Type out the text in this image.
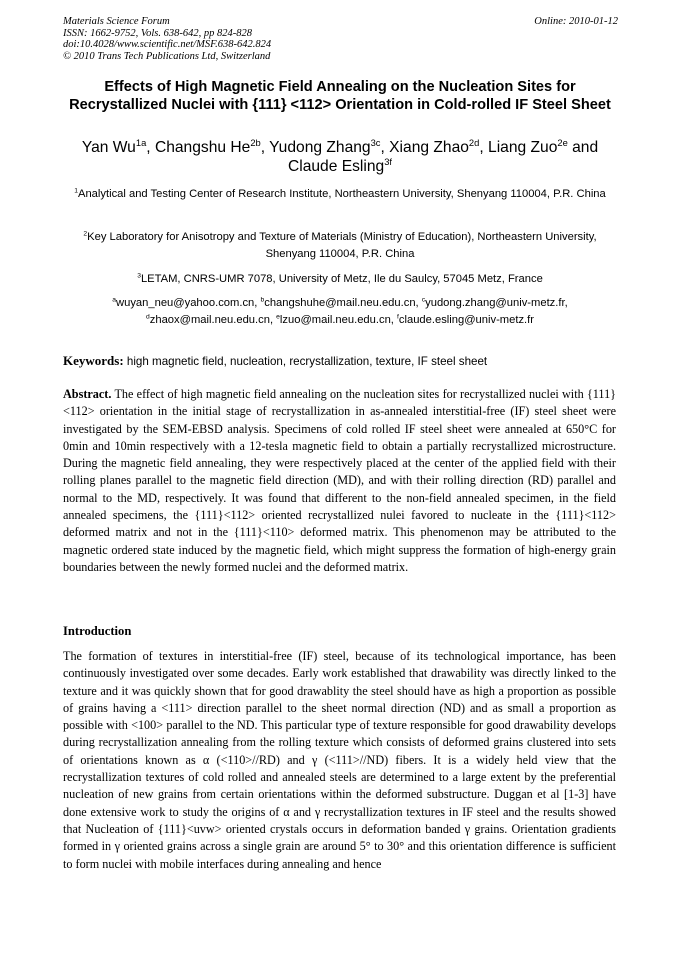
Materials Science Forum
ISSN: 1662-9752, Vols. 638-642, pp 824-828
doi:10.4028/www.scientific.net/MSF.638-642.824
© 2010 Trans Tech Publications Ltd, Switzerland
Online: 2010-01-12
Effects of High Magnetic Field Annealing on the Nucleation Sites for Recrystallized Nuclei with {111} <112> Orientation in Cold-rolled IF Steel Sheet
Yan $Wu^{1a}$, Changshu $He^{2b}$, Yudong Zhang$^{3c}$, Xiang Zhao$^{2d}$, Liang Zuo$^{2e}$ and Claude Esling$^{3f}$
$^1$Analytical and Testing Center of Research Institute, Northeastern University, Shenyang 110004, P.R. China
$^2$Key Laboratory for Anisotropy and Texture of Materials (Ministry of Education), Northeastern University, Shenyang 110004, P.R. China
$^3$LETAM, CNRS-UMR 7078, University of Metz, Ile du Saulcy, 57045 Metz, France
$^a$wuyan_neu@yahoo.com.cn, $^b$changshuhe@mail.neu.edu.cn, $^c$yudong.zhang@univ-metz.fr,
$^d$zhaox@mail.neu.edu.cn, $^e$lzuo@mail.neu.edu.cn, $^f$claude.esling@univ-metz.fr
Keywords: high magnetic field, nucleation, recrystallization, texture, IF steel sheet
Abstract. The effect of high magnetic field annealing on the nucleation sites for recrystallized nuclei with {111}<112> orientation in the initial stage of recrystallization in as-annealed interstitial-free (IF) steel sheet were investigated by the SEM-EBSD analysis. Specimens of cold rolled IF steel sheet were annealed at 650°C for 0min and 10min respectively with a 12-tesla magnetic field to obtain a partially recrystallized microstructure. During the magnetic field annealing, they were respectively placed at the center of the applied field with their rolling planes parallel to the magnetic field direction (MD), and with their rolling direction (RD) parallel and normal to the MD, respectively. It was found that different to the non-field annealed specimen, in the field annealed specimens, the {111}<112> oriented recrystallized nulei favored to nucleate in the {111}<112> deformed matrix and not in the {111}<110> deformed matrix. This phenomenon may be attributed to the magnetic ordered state induced by the magnetic field, which might suppress the formation of high-energy grain boundaries between the newly formed nuclei and the deformed matrix.
Introduction
The formation of textures in interstitial-free (IF) steel, because of its technological importance, has been continuously investigated over some decades. Early work established that drawability was directly linked to the texture and it was quickly shown that for good drawablity the steel should have as high a proportion as possible of grains having a <111> direction parallel to the sheet normal direction (ND) and as small a proportion as possible with <100> parallel to the ND. This particular type of texture responsible for good drawability develops during recrystallization annealing from the rolling texture which consists of deformed grains clustered into sets of orientations known as α (<110>//RD) and γ (<111>//ND) fibers. It is a widely held view that the recrystallization textures of cold rolled and annealed steels are determined to a large extent by the preferential nucleation of new grains from certain orientations within the deformed substructure. Duggan et al [1-3] have done extensive work to study the origins of α and γ recrystallization textures in IF steel and the results showed that Nucleation of {111}<uvw> oriented crystals occurs in deformation banded γ grains. Orientation gradients formed in γ oriented grains across a single grain are around 5° to 30° and this orientation difference is sufficient to form nuclei with mobile interfaces during annealing and hence
